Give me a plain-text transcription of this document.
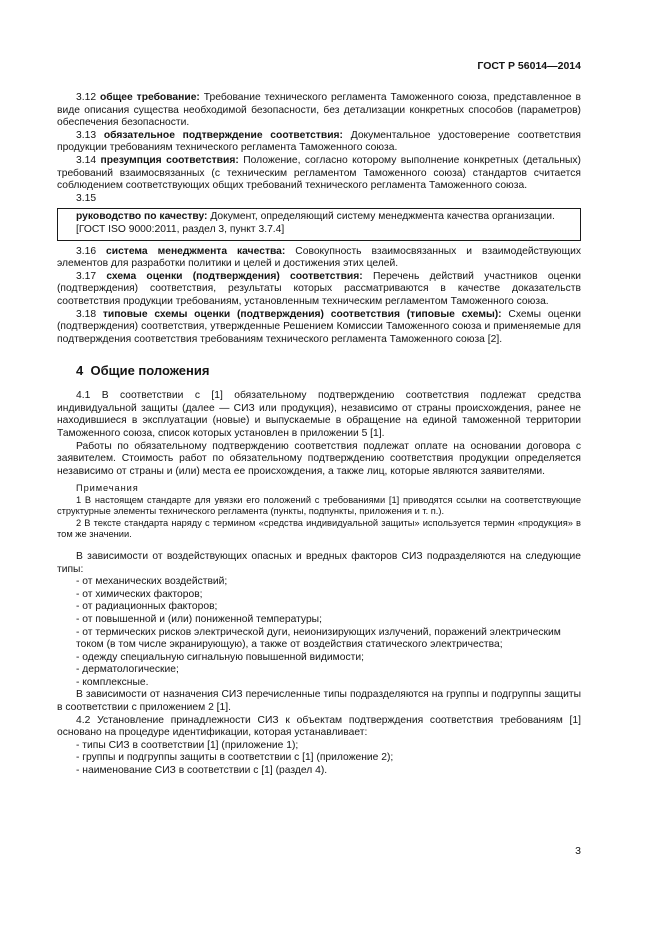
ГОСТ Р 56014—2014

3.12 общее требование: Требование технического регламента Таможенного союза, представленное в виде описания существа необходимой безопасности, без детализации конкретных способов (параметров) обеспечения безопасности.

3.13 обязательное подтверждение соответствия: Документальное удостоверение соответствия продукции требованиям технического регламента Таможенного союза.

3.14 презумпция соответствия: Положение, согласно которому выполнение конкретных (детальных) требований взаимосвязанных (с техническим регламентом Таможенного союза) стандартов считается соблюдением соответствующих общих требований технического регламента Таможенного союза.

3.15

руководство по качеству: Документ, определяющий систему менеджмента качества организации.

[ГОСТ ISO 9000:2011, раздел 3, пункт 3.7.4]

3.16 система менеджмента качества: Совокупность взаимосвязанных и взаимодействующих элементов для разработки политики и целей и достижения этих целей.

3.17 схема оценки (подтверждения) соответствия: Перечень действий участников оценки (подтверждения) соответствия, результаты которых рассматриваются в качестве доказательств соответствия продукции требованиям, установленным техническим регламентом Таможенного союза.

3.18 типовые схемы оценки (подтверждения) соответствия (типовые схемы): Схемы оценки (подтверждения) соответствия, утвержденные Решением Комиссии Таможенного союза и применяемые для подтверждения соответствия требованиям технического регламента Таможенного союза [2].

4 Общие положения

4.1 В соответствии с [1] обязательному подтверждению соответствия подлежат средства индивидуальной защиты (далее — СИЗ или продукция), независимо от страны происхождения, ранее не находившиеся в эксплуатации (новые) и выпускаемые в обращение на единой таможенной территории Таможенного союза, список которых установлен в приложении 5 [1].

Работы по обязательному подтверждению соответствия подлежат оплате на основании договора с заявителем. Стоимость работ по обязательному подтверждению соответствия продукции определяется независимо от страны и (или) места ее происхождения, а также лиц, которые являются заявителями.

Примечания

1 В настоящем стандарте для увязки его положений с требованиями [1] приводятся ссылки на соответствующие структурные элементы технического регламента (пункты, подпункты, приложения и т. п.).

2 В тексте стандарта наряду с термином «средства индивидуальной защиты» используется термин «продукция» в том же значении.

В зависимости от воздействующих опасных и вредных факторов СИЗ подразделяются на следующие типы:

- от механических воздействий;
- от химических факторов;
- от радиационных факторов;
- от повышенной и (или) пониженной температуры;
- от термических рисков электрической дуги, неионизирующих излучений, поражений электрическим током (в том числе экранирующую), а также от воздействия статического электричества;
- одежду специальную сигнальную повышенной видимости;
- дерматологические;
- комплексные.

В зависимости от назначения СИЗ перечисленные типы подразделяются на группы и подгруппы защиты в соответствии с приложением 2 [1].

4.2 Установление принадлежности СИЗ к объектам подтверждения соответствия требованиям [1] основано на процедуре идентификации, которая устанавливает:

- типы СИЗ в соответствии [1] (приложение 1);
- группы и подгруппы защиты в соответствии с [1] (приложение 2);
- наименование СИЗ в соответствии с [1] (раздел 4).
3
